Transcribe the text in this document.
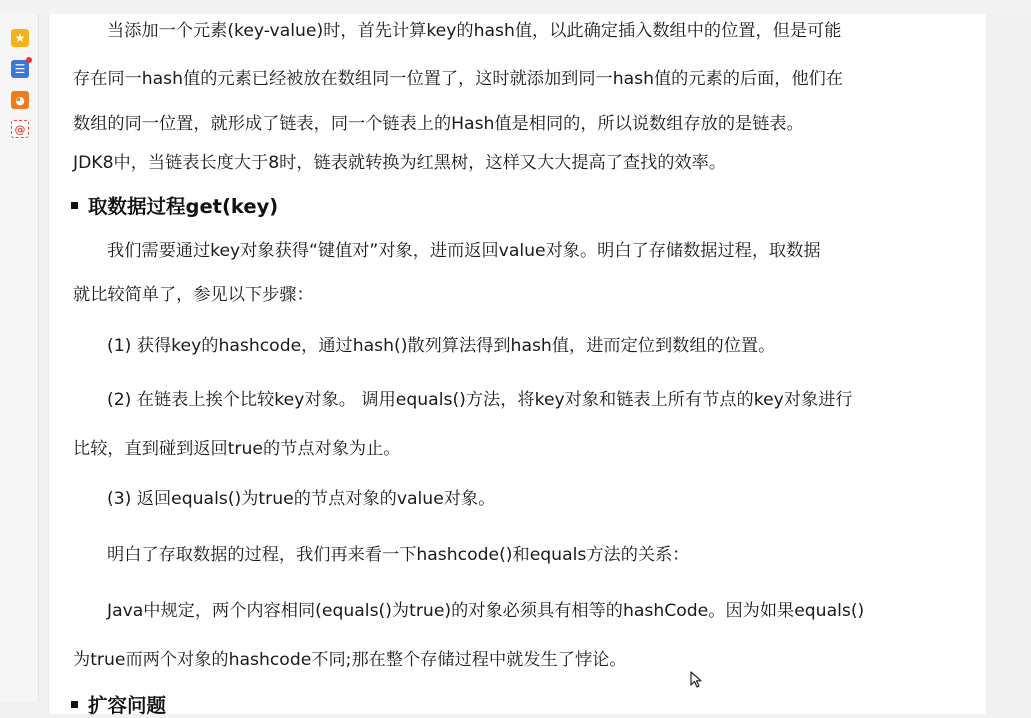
★
☰
◕
@

当添加一个元素(key-value)时，首先计算key的hash值，以此确定插入数组中的位置，但是可能

存在同一hash值的元素已经被放在数组同一位置了，这时就添加到同一hash值的元素的后面，他们在

数组的同一位置，就形成了链表，同一个链表上的Hash值是相同的，所以说数组存放的是链表。

JDK8中，当链表长度大于8时，链表就转换为红黑树，这样又大大提高了查找的效率。

取数据过程get(key)

我们需要通过key对象获得“键值对”对象，进而返回value对象。明白了存储数据过程，取数据

就比较简单了，参见以下步骤：

(1) 获得key的hashcode，通过hash()散列算法得到hash值，进而定位到数组的位置。

(2) 在链表上挨个比较key对象。 调用equals()方法，将key对象和链表上所有节点的key对象进行

比较，直到碰到返回true的节点对象为止。

(3) 返回equals()为true的节点对象的value对象。

明白了存取数据的过程，我们再来看一下hashcode()和equals方法的关系：

Java中规定，两个内容相同(equals()为true)的对象必须具有相等的hashCode。因为如果equals()

为true而两个对象的hashcode不同;那在整个存储过程中就发生了悖论。

扩容问题
